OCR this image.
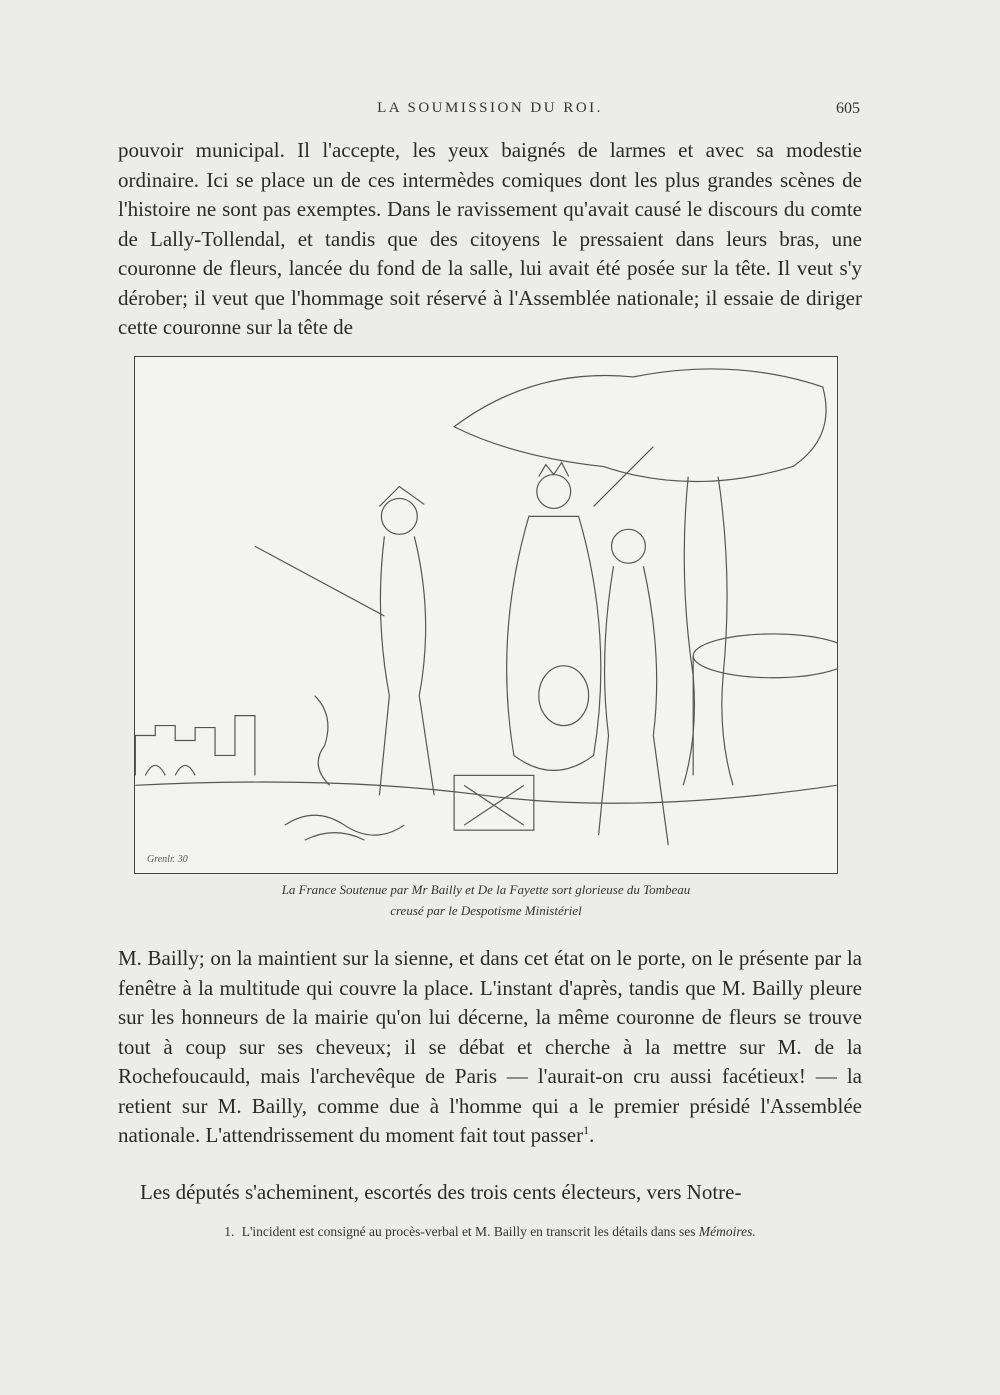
LA SOUMISSION DU ROI.	605

pouvoir municipal. Il l'accepte, les yeux baignés de larmes et avec sa modestie ordinaire. Ici se place un de ces intermèdes comiques dont les plus grandes scènes de l'histoire ne sont pas exemptes. Dans le ravissement qu'avait causé le discours du comte de Lally-Tollendal, et tandis que des citoyens le pressaient dans leurs bras, une couronne de fleurs, lancée du fond de la salle, lui avait été posée sur la tête. Il veut s'y dérober; il veut que l'hommage soit réservé à l'Assemblée nationale; il essaie de diriger cette couronne sur la tête de

Grenlr. 30
La France Soutenue par Mr Bailly et De la Fayette sort glorieuse du Tombeau
creusé par le Despotisme Ministériel

M. Bailly; on la maintient sur la sienne, et dans cet état on le porte, on le présente par la fenêtre à la multitude qui couvre la place. L'instant d'après, tandis que M. Bailly pleure sur les honneurs de la mairie qu'on lui décerne, la même couronne de fleurs se trouve tout à coup sur ses cheveux; il se débat et cherche à la mettre sur M. de la Rochefoucauld, mais l'archevêque de Paris — l'aurait-on cru aussi facétieux! — la retient sur M. Bailly, comme due à l'homme qui a le premier présidé l'Assemblée nationale. L'attendrissement du moment fait tout passer$^1$.

Les députés s'acheminent, escortés des trois cents électeurs, vers Notre-

1. L'incident est consigné au procès-verbal et M. Bailly en transcrit les détails dans ses Mémoires.
